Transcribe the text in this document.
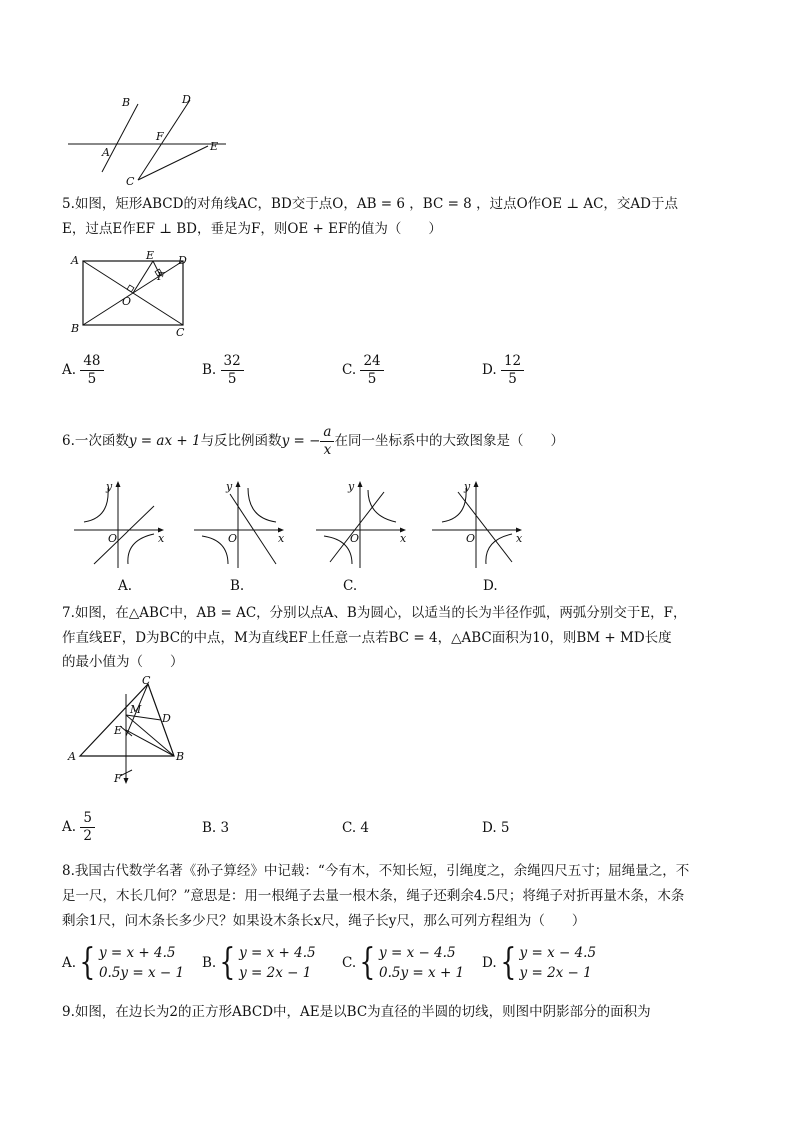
B	D
A
F
E
C
5.如图，矩形ABCD的对角线AC，BD交于点O，AB = 6 ，BC = 8 ，过点O作OE ⊥ AC，交AD于点
E，过点E作EF ⊥ BD，垂足为F，则OE + EF的值为（　　）
A	E D
F
O
B	C
A. $\frac{48}{5}$	B. $\frac{32}{5}$	C. $\frac{24}{5}$	D. $\frac{12}{5}$
6.一次函数y = ax + 1与反比例函数y = − $\frac{a}{x}$ 在同一坐标系中的大致图象是（　　）
y
x
O
y
x
O
y
x
O
y
x
O
A.	B.	C.	D.
7.如图，在△ABC中，AB = AC，分别以点A、B为圆心，以适当的长为半径作弧，两弧分别交于E，F，
作直线EF，D为BC的中点，M为直线EF上任意一点若BC = 4，△ABC面积为10，则BM + MD长度
的最小值为（　　）
C
M
D
E
A	B
F
A. $\frac{5}{2}$	B. 3	C. 4	D. 5
8.我国古代数学名著《孙子算经》中记载：“今有木，不知长短，引绳度之，余绳四尺五寸；屈绳量之，不
足一尺，木长几何？”意思是：用一根绳子去量一根木条，绳子还剩余4.5尺；将绳子对折再量木条，木条
剩余1尺，问木条长多少尺？如果设木条长x尺，绳子长y尺，那么可列方程组为（　　）
A.{ y = x + 4.5
0.5y = x − 1
B.{ y = x + 4.5
y = 2x − 1
C.{ y = x − 4.5
0.5y = x + 1
D.{ y = x − 4.5
y = 2x − 1
9.如图，在边长为2的正方形ABCD中，AE是以BC为直径的半圆的切线，则图中阴影部分的面积为
